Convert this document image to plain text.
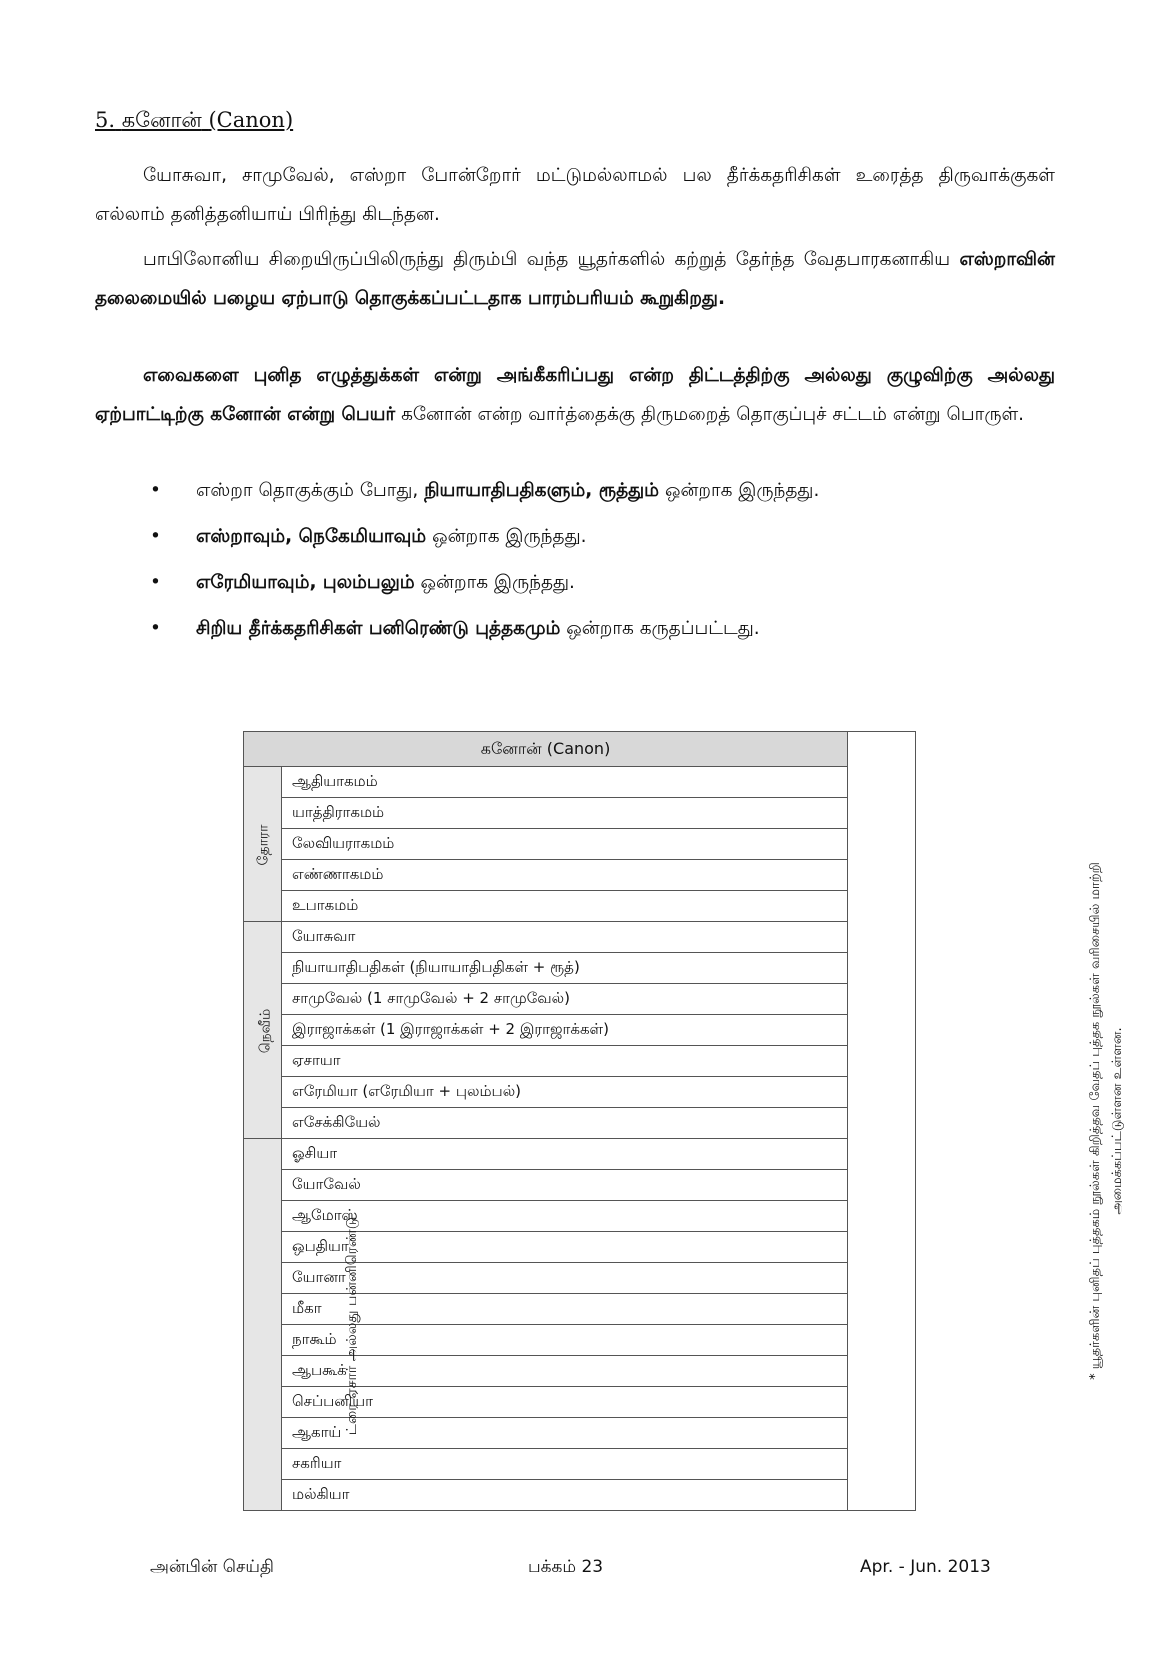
5. கனோன் (Canon)

யோசுவா, சாமுவேல், எஸ்றா போன்றோர் மட்டுமல்லாமல் பல தீர்க்கதரிசிகள் உரைத்த திருவாக்குகள் எல்லாம் தனித்தனியாய் பிரிந்து கிடந்தன.

பாபிலோனிய சிறையிருப்பிலிருந்து திரும்பி வந்த யூதர்களில் கற்றுத் தேர்ந்த வேதபாரகனாகிய எஸ்றாவின் தலைமையில் பழைய ஏற்பாடு தொகுக்கப்பட்டதாக பாரம்பரியம் கூறுகிறது.

எவைகளை புனித எழுத்துக்கள் என்று அங்கீகரிப்பது என்ற திட்டத்திற்கு அல்லது குழுவிற்கு அல்லது ஏற்பாட்டிற்கு கனோன் என்று பெயர் கனோன் என்ற வார்த்தைக்கு திருமறைத் தொகுப்புச் சட்டம் என்று பொருள்.

• எஸ்றா தொகுக்கும் போது, நியாயாதிபதிகளும், ரூத்தும் ஒன்றாக இருந்தது.
• எஸ்றாவும், நெகேமியாவும் ஒன்றாக இருந்தது.
• எரேமியாவும், புலம்பலும் ஒன்றாக இருந்தது.
• சிறிய தீர்க்கதரிசிகள் பனிரெண்டு புத்தகமும் ஒன்றாக கருதப்பட்டது.
கனோன் (Canon)		* யூதர்களின் புனிதப் புத்தகம் நூல்கள் கிறித்தவ வேதப் புத்தக நூல்கள் வரிசையில் மாற்றி அமைக்கப்பட்டுள்ளன உள்ளன.
தோரா	ஆதியாகமம்	
	யாத்திராகமம்	
	லேவியராகமம்	
	எண்ணாகமம்	
	உபாகமம்	
நெவீம்	யோசுவா	
	நியாயாதிபதிகள் (நியாயாதிபதிகள் + ரூத்)	
	சாமுவேல் (1 சாமுவேல் + 2 சாமுவேல்)	
	இராஜாக்கள் (1 இராஜாக்கள் + 2 இராஜாக்கள்)	
	ஏசாயா	
	எரேமியா (எரேமியா + புலம்பல்)	
	எசேக்கியேல்	
ட்ரை ஏசார் அல்லது பன்னிரெண்டு	ஓசியா	
	யோவேல்	
	ஆமோஸ்	
	ஒபதியா	
	யோனா	
	மீகா	
	நாகூம்	
	ஆபகூக்	
	செப்பனியா	
	ஆகாய்	
	சகரியா	
	மல்கியா	
அன்பின் செய்தி	பக்கம் 23	Apr. - Jun. 2013
